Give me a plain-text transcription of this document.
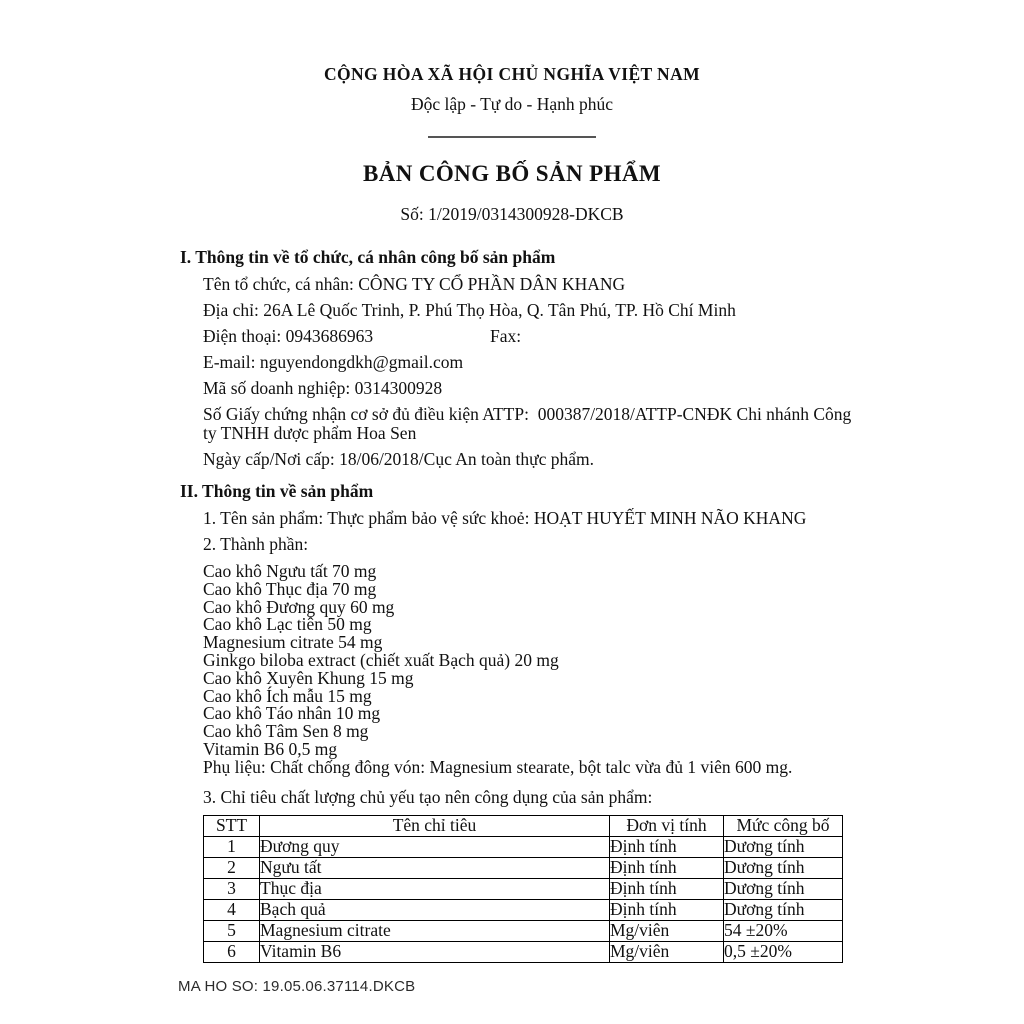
CỘNG HÒA XÃ HỘI CHỦ NGHĨA VIỆT NAM
Độc lập - Tự do - Hạnh phúc
BẢN CÔNG BỐ SẢN PHẨM
Số: 1/2019/0314300928-DKCB
I. Thông tin về tổ chức, cá nhân công bố sản phẩm

Tên tổ chức, cá nhân: CÔNG TY CỔ PHẦN DÂN KHANG

Địa chỉ: 26A Lê Quốc Trinh, P. Phú Thọ Hòa, Q. Tân Phú, TP. Hồ Chí Minh

Điện thoại: 0943686963	Fax:

E-mail: nguyendongdkh@gmail.com

Mã số doanh nghiệp: 0314300928

Số Giấy chứng nhận cơ sở đủ điều kiện ATTP:  000387/2018/ATTP-CNĐK Chi nhánh Công ty TNHH dược phẩm Hoa Sen

Ngày cấp/Nơi cấp: 18/06/2018/Cục An toàn thực phẩm.

II. Thông tin về sản phẩm

1. Tên sản phẩm: Thực phẩm bảo vệ sức khoẻ: HOẠT HUYẾT MINH NÃO KHANG

2. Thành phần:

Cao khô Ngưu tất 70 mg
Cao khô Thục địa 70 mg
Cao khô Đương quy 60 mg
Cao khô Lạc tiên 50 mg
Magnesium citrate 54 mg
Ginkgo biloba extract (chiết xuất Bạch quả) 20 mg
Cao khô Xuyên Khung 15 mg
Cao khô Ích mẫu 15 mg
Cao khô Táo nhân 10 mg
Cao khô Tâm Sen 8 mg
Vitamin B6 0,5 mg
Phụ liệu: Chất chống đông vón: Magnesium stearate, bột talc vừa đủ 1 viên 600 mg.
3. Chỉ tiêu chất lượng chủ yếu tạo nên công dụng của sản phẩm:
STT	Tên chỉ tiêu	Đơn vị tính	Mức công bố
1	Đương quy	Định tính	Dương tính
2	Ngưu tất	Định tính	Dương tính
3	Thục địa	Định tính	Dương tính
4	Bạch quả	Định tính	Dương tính
5	Magnesium citrate	Mg/viên	54 ±20%
6	Vitamin B6	Mg/viên	0,5 ±20%
MA HO SO: 19.05.06.37114.DKCB
